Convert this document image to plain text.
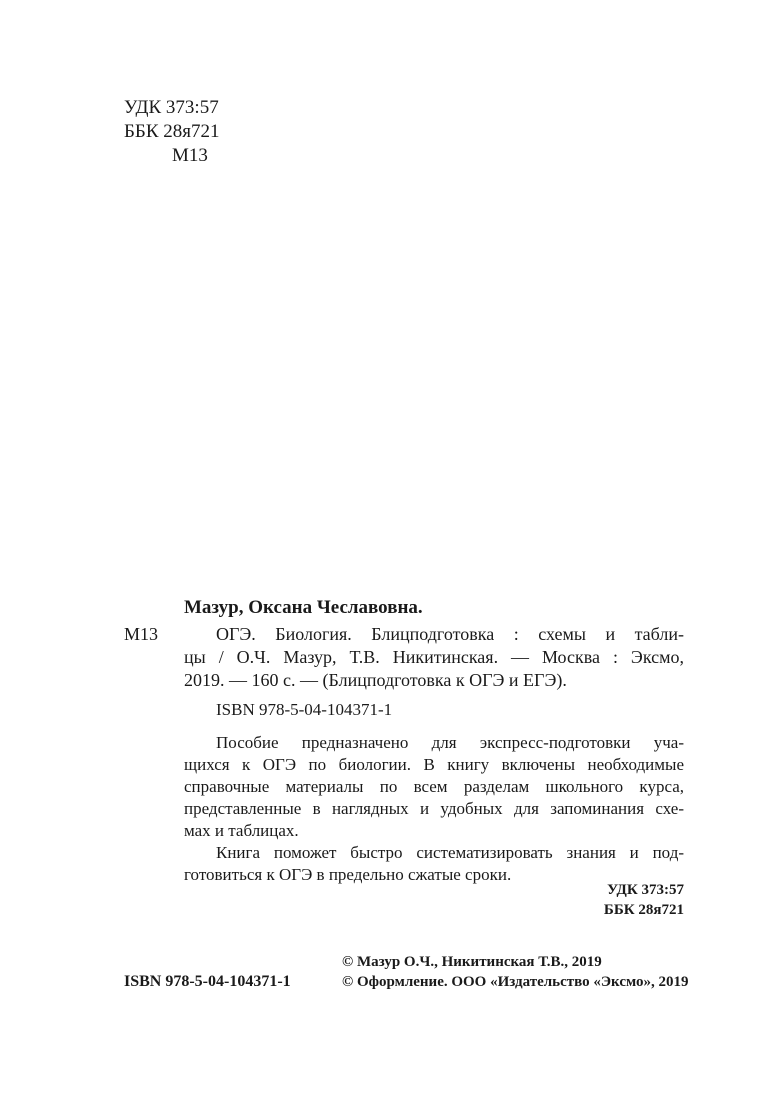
УДК 373:57
ББК 28я721
М13
Мазур, Оксана Чеславовна.
М13	ОГЭ. Биология. Блицподготовка : схемы и табли-
цы / О.Ч. Мазур, Т.В. Никитинская. — Москва : Эксмо,
2019. — 160 с. — (Блицподготовка к ОГЭ и ЕГЭ).
ISBN 978-5-04-104371-1
Пособие предназначено для экспресс-подготовки уча-
щихся к ОГЭ по биологии. В книгу включены необходимые
справочные материалы по всем разделам школьного курса,
представленные в наглядных и удобных для запоминания схе-
мах и таблицах.
Книга поможет быстро систематизировать знания и под-
готовиться к ОГЭ в предельно сжатые сроки.
УДК 373:57
ББК 28я721
© Мазур О.Ч., Никитинская Т.В., 2019
ISBN 978-5-04-104371-1	© Оформление. ООО «Издательство «Эксмо», 2019
